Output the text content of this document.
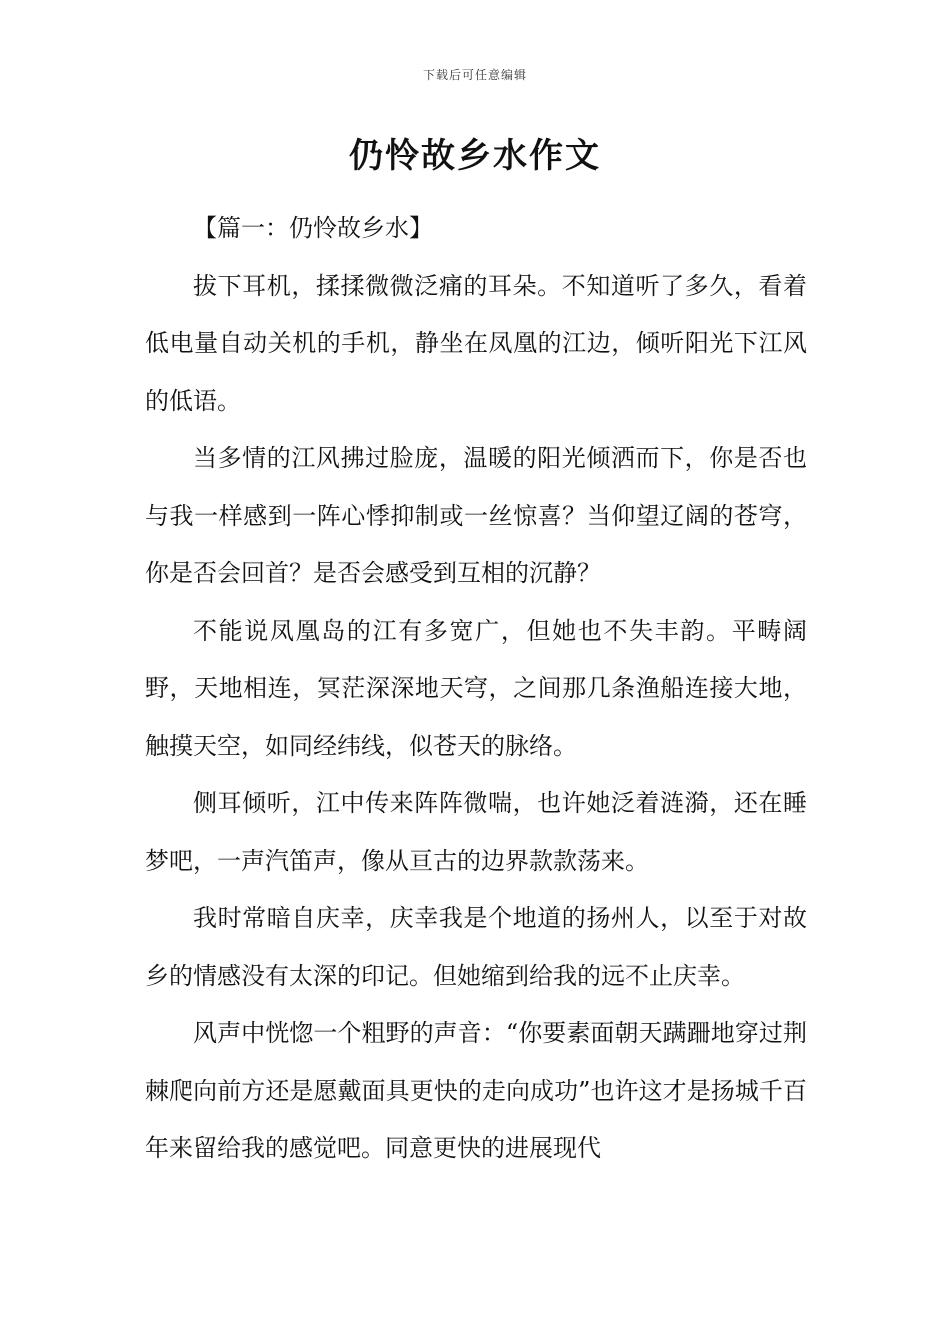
下载后可任意编辑
仍怜故乡水作文

【篇一：仍怜故乡水】

拔下耳机，揉揉微微泛痛的耳朵。不知道听了多久，看着低电量自动关机的手机，静坐在凤凰的江边，倾听阳光下江风的低语。

当多情的江风拂过脸庞，温暖的阳光倾洒而下，你是否也与我一样感到一阵心悸抑制或一丝惊喜？当仰望辽阔的苍穹，你是否会回首？是否会感受到互相的沉静？

不能说凤凰岛的江有多宽广，但她也不失丰韵。平畴阔野，天地相连，冥茫深深地天穹，之间那几条渔船连接大地，触摸天空，如同经纬线，似苍天的脉络。

侧耳倾听，江中传来阵阵微喘，也许她泛着涟漪，还在睡梦吧，一声汽笛声，像从亘古的边界款款荡来。

我时常暗自庆幸，庆幸我是个地道的扬州人，以至于对故乡的情感没有太深的印记。但她缩到给我的远不止庆幸。

风声中恍惚一个粗野的声音：“你要素面朝天蹒跚地穿过荆棘爬向前方还是愿戴面具更快的走向成功”也许这才是扬城千百年来留给我的感觉吧。同意更快的进展现代
